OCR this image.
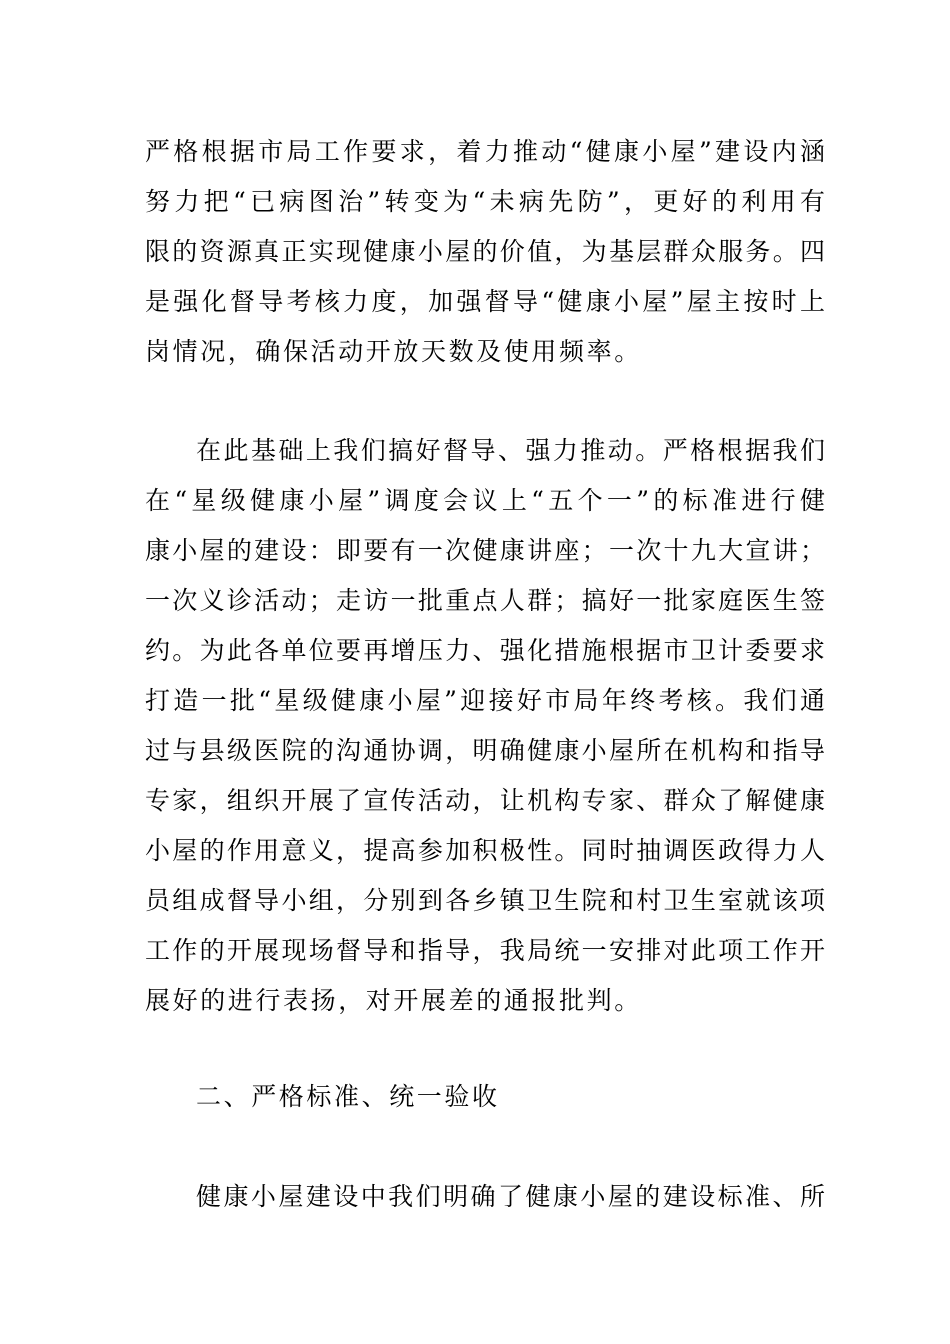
严格根据市局工作要求，着力推动“健康小屋”建设内涵
努力把“已病图治”转变为“未病先防”，更好的利用有
限的资源真正实现健康小屋的价值，为基层群众服务。四
是强化督导考核力度，加强督导“健康小屋”屋主按时上
岗情况，确保活动开放天数及使用频率。
在此基础上我们搞好督导、强力推动。严格根据我们
在“星级健康小屋”调度会议上“五个一”的标准进行健
康小屋的建设：即要有一次健康讲座；一次十九大宣讲；
一次义诊活动；走访一批重点人群；搞好一批家庭医生签
约。为此各单位要再增压力、强化措施根据市卫计委要求
打造一批“星级健康小屋”迎接好市局年终考核。我们通
过与县级医院的沟通协调，明确健康小屋所在机构和指导
专家，组织开展了宣传活动，让机构专家、群众了解健康
小屋的作用意义，提高参加积极性。同时抽调医政得力人
员组成督导小组，分别到各乡镇卫生院和村卫生室就该项
工作的开展现场督导和指导，我局统一安排对此项工作开
展好的进行表扬，对开展差的通报批判。
二、严格标准、统一验收
健康小屋建设中我们明确了健康小屋的建设标准、所
